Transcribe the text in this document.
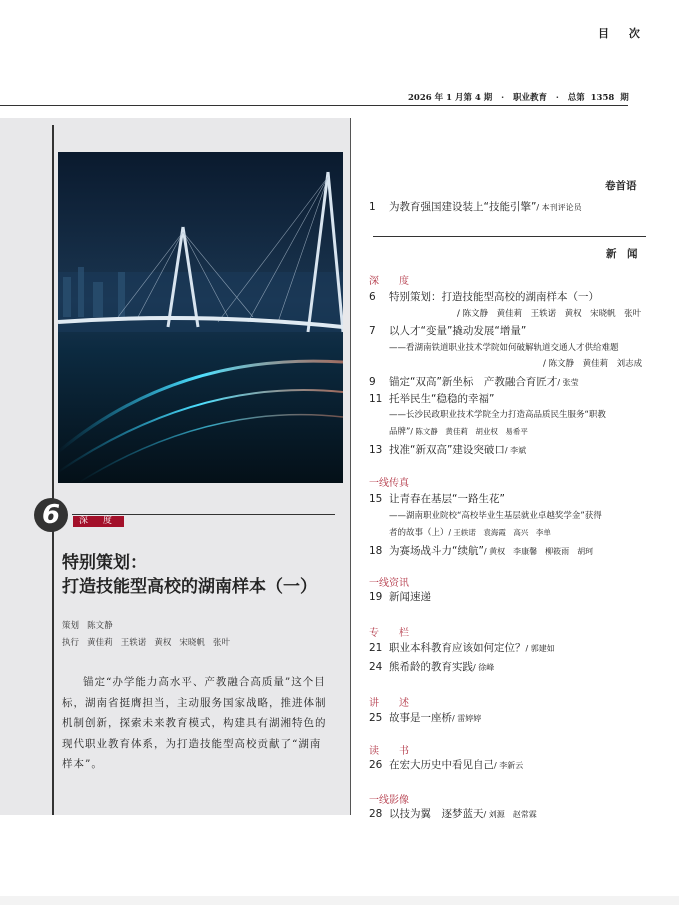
目 次
2026 年 1 月第 4 期   ·   职业教育   ·   总第  1358  期
6	深 度
特别策划：
打造技能型高校的湖南样本（一）
策划   陈文静
执行   黄佳莉   王轶诺   黄权   宋晓帆   张叶
锚定“办学能力高水平、产教融合高质量”这个目标，湖南省挺膺担当，主动服务国家战略，推进体制机制创新，探索未来教育模式，构建具有湖湘特色的现代职业教育体系，为打造技能型高校贡献了“湖南样本”。
卷首语
1 为教育强国建设装上“技能引擎”/ 本刊评论员
新　闻
深　　度
6 特别策划：打造技能型高校的湖南样本（一）
/ 陈文静　黄佳莉　王轶诺　黄权　宋晓帆　张叶
7 以人才“变量”撬动发展“增量”
——看湖南铁道职业技术学院如何破解轨道交通人才供给难题
/ 陈文静　黄佳莉　刘志成
9 锚定“双高”新坐标　产教融合育匠才/ 张莹
11 托举民生“稳稳的幸福”
——长沙民政职业技术学院全力打造高品质民生服务“职教
品牌”/ 陈文静　黄佳莉　胡业权　易希平
13 找准“新双高”建设突破口/ 李斌
一线传真
15 让青春在基层“一路生花”
——湖南职业院校“高校毕业生基层就业卓越奖学金”获得
者的故事（上）/ 王轶诺　袁海霞　高兴　李单
18 为赛场战斗力“续航”/ 黄权　李康馨　柳筱雨　胡珂
一线资讯
19 新闻速递
专　　栏
21 职业本科教育应该如何定位？/ 郭建如
24 熊希龄的教育实践/ 徐峰
讲　　述
25 故事是一座桥/ 雷婷婷
读　　书
26 在宏大历史中看见自己/ 李新云
一线影像
28 以技为翼　逐梦蓝天/ 刘源　赵常霖
